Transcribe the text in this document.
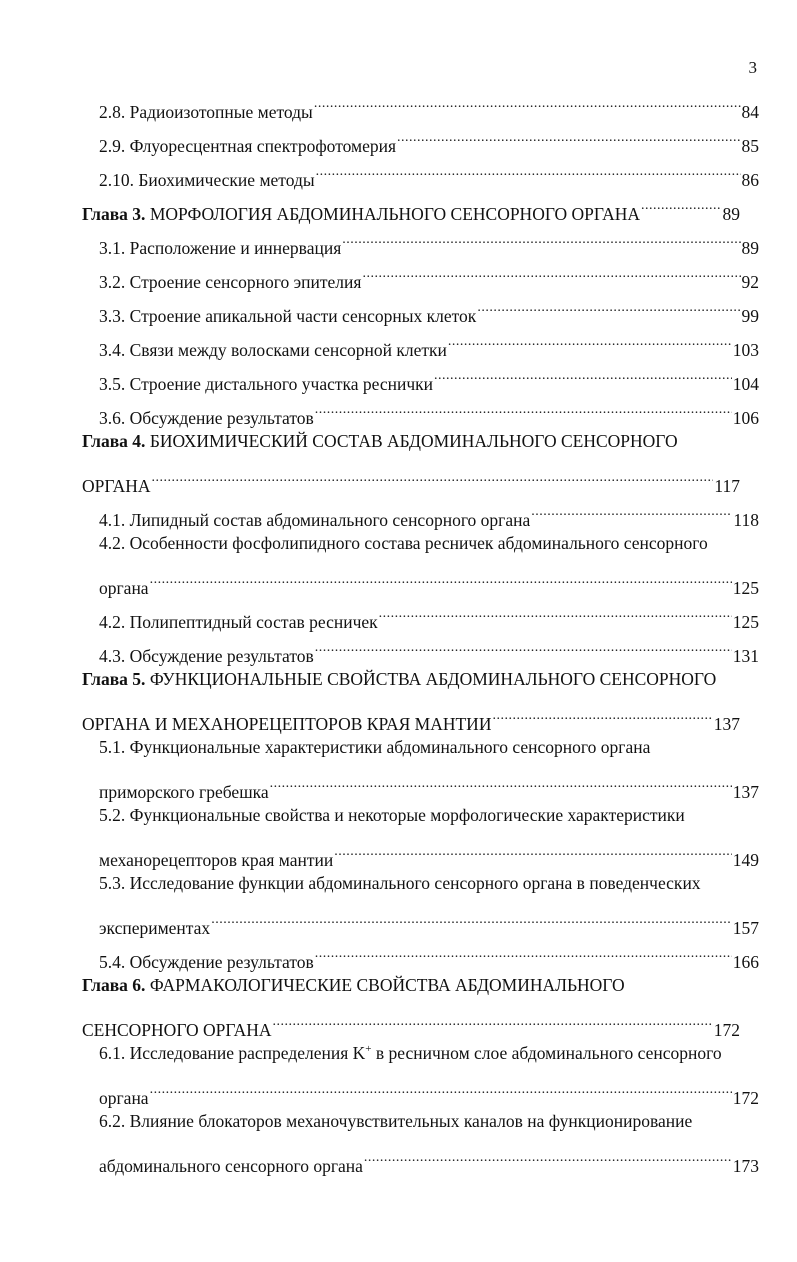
3
2.8. Радиоизотопные методы .....	84
2.9. Флуоресцентная спектрофотомерия .....	85
2.10. Биохимические методы .....	86
Глава 3. МОРФОЛОГИЯ АБДОМИНАЛЬНОГО СЕНСОРНОГО ОРГАНА .....	89
3.1. Расположение и иннервация .....	89
3.2. Строение сенсорного эпителия .....	92
3.3. Строение апикальной части сенсорных клеток .....	99
3.4. Связи между волосками сенсорной клетки .....	103
3.5. Строение дистального участка реснички .....	104
3.6. Обсуждение результатов .....	106
Глава 4. БИОХИМИЧЕСКИЙ СОСТАВ АБДОМИНАЛЬНОГО СЕНСОРНОГО
ОРГАНА .....	117
4.1. Липидный состав абдоминального сенсорного органа .....	118
4.2. Особенности фосфолипидного состава ресничек абдоминального сенсорного
органа .....	125
4.2. Полипептидный состав ресничек .....	125
4.3. Обсуждение результатов .....	131
Глава 5. ФУНКЦИОНАЛЬНЫЕ СВОЙСТВА АБДОМИНАЛЬНОГО СЕНСОРНОГО
ОРГАНА И МЕХАНОРЕЦЕПТОРОВ КРАЯ МАНТИИ .....	137
5.1. Функциональные характеристики абдоминального сенсорного органа
приморского гребешка .....	137
5.2. Функциональные свойства и некоторые морфологические характеристики
механорецепторов края мантии .....	149
5.3. Исследование функции абдоминального сенсорного органа в поведенческих
экспериментах .....	157
5.4. Обсуждение результатов .....	166
Глава 6. ФАРМАКОЛОГИЧЕСКИЕ СВОЙСТВА АБДОМИНАЛЬНОГО
СЕНСОРНОГО ОРГАНА .....	172
6.1. Исследование распределения K+ в ресничном слое абдоминального сенсорного
органа .....	172
6.2. Влияние блокаторов механочувствительных каналов на функционирование
абдоминального сенсорного органа .....	173
